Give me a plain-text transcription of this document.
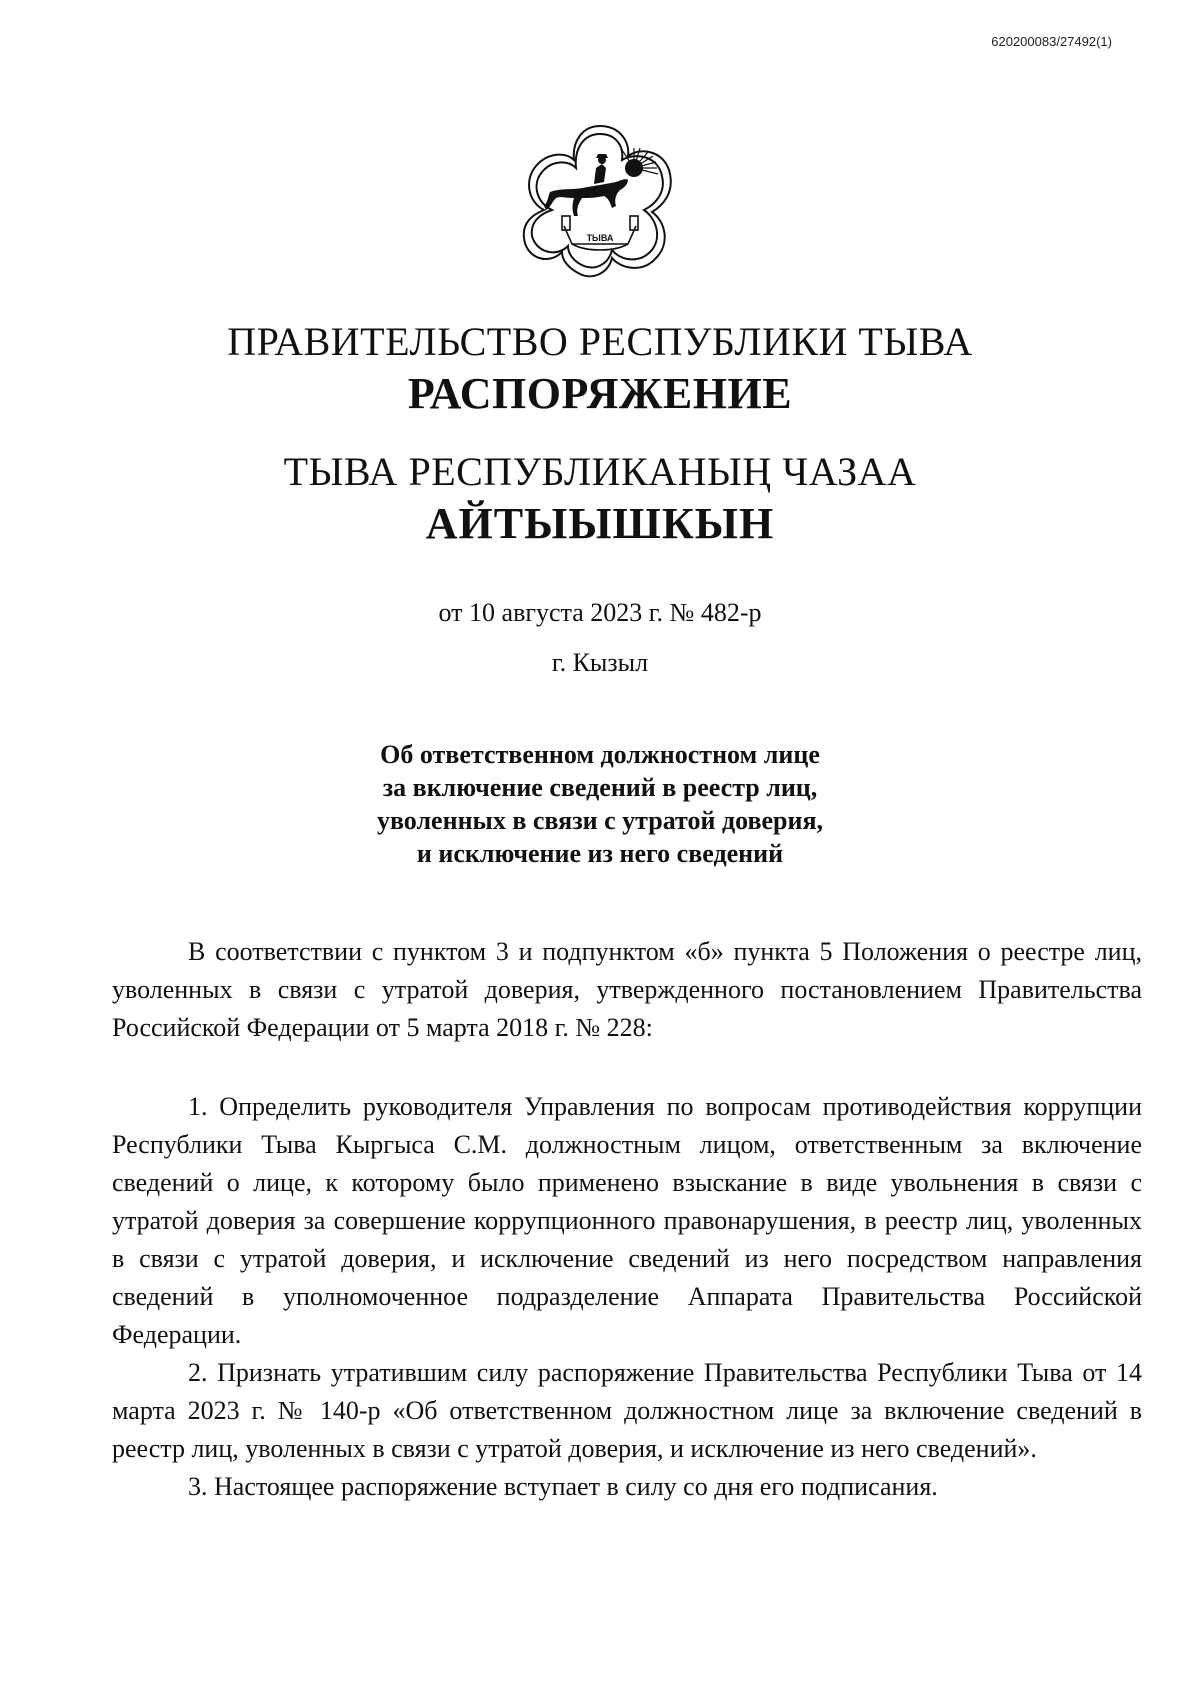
620200083/27492(1)
ТЫВА
ПРАВИТЕЛЬСТВО РЕСПУБЛИКИ ТЫВА
РАСПОРЯЖЕНИЕ
ТЫВА РЕСПУБЛИКАНЫҢ ЧАЗАА
АЙТЫЫШКЫН
от 10 августа 2023 г. № 482-р
г. Кызыл
Об ответственном должностном лице
за включение сведений в реестр лиц,
уволенных в связи с утратой доверия,
и исключение из него сведений

В соответствии с пунктом 3 и подпунктом «б» пункта 5 Положения о реестре лиц, уволенных в связи с утратой доверия, утвержденного постановлением Правительства Российской Федерации от 5 марта 2018 г. № 228:

1. Определить руководителя Управления по вопросам противодействия коррупции Республики Тыва Кыргыса С.М. должностным лицом, ответственным за включение сведений о лице, к которому было применено взыскание в виде увольнения в связи с утратой доверия за совершение коррупционного правонарушения, в реестр лиц, уволенных в связи с утратой доверия, и исключение сведений из него посредством направления сведений в уполномоченное подразделение Аппарата Правительства Российской Федерации.

2. Признать утратившим силу распоряжение Правительства Республики Тыва от 14 марта 2023 г. № 140-р «Об ответственном должностном лице за включение сведений в реестр лиц, уволенных в связи с утратой доверия, и исключение из него сведений».

3. Настоящее распоряжение вступает в силу со дня его подписания.
